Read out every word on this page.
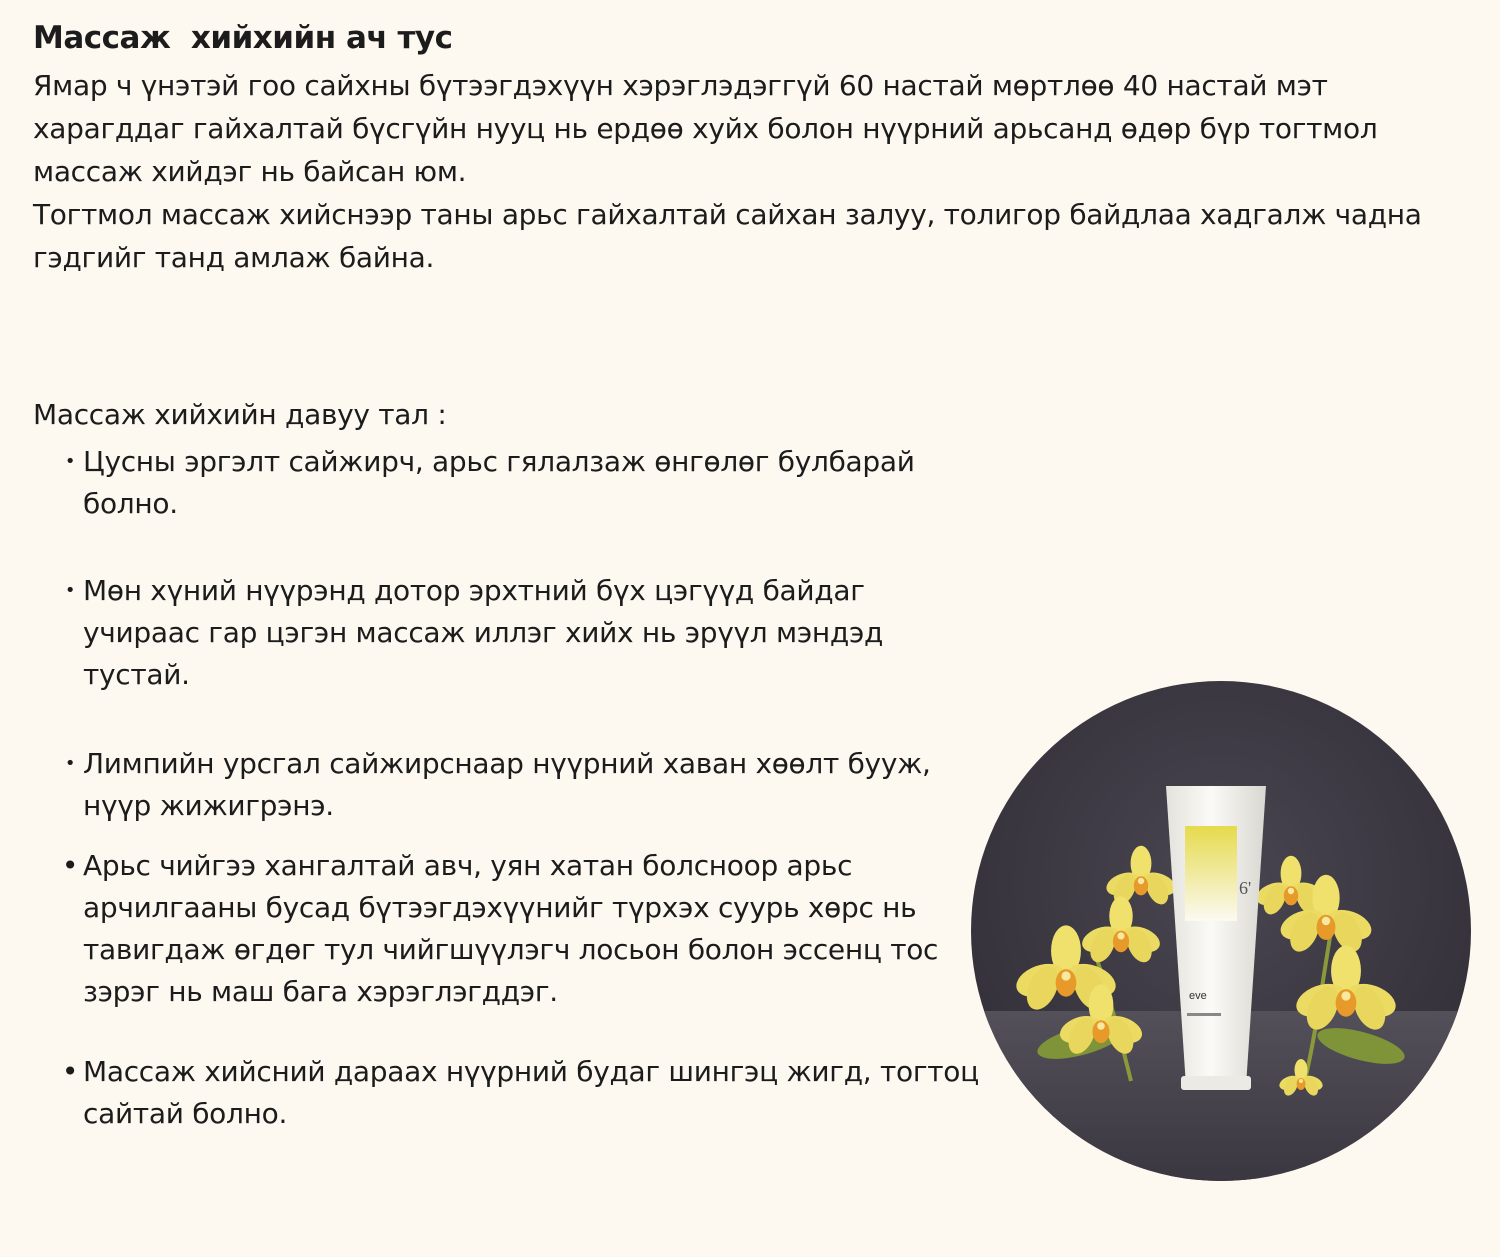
Массаж  хийхийн ач тус

Ямар ч үнэтэй гоо сайхны бүтээгдэхүүн хэрэглэдэггүй 60 настай мөртлөө 40 настай мэт харагддаг гайхалтай бүсгүйн нууц нь ердөө хуйх болон нүүрний арьсанд өдөр бүр тогтмол массаж хийдэг нь байсан юм.

Тогтмол массаж хийснээр таны арьс гайхалтай сайхан залуу, толигор байдлаа хадгалж чадна гэдгийг танд амлаж байна.

Массаж хийхийн давуу тал :
• Цусны эргэлт сайжирч, арьс гялалзаж өнгөлөг булбарай болно.
• Мөн хүний нүүрэнд дотор эрхтний бүх цэгүүд байдаг учираас гар цэгэн массаж иллэг хийх нь эрүүл мэндэд тустай.
• Лимпийн урсгал сайжирснаар нүүрний хаван хөөлт бууж, нүүр жижигрэнэ.
• Арьс чийгээ хангалтай авч, уян хатан болсноор арьс арчилгааны бусад бүтээгдэхүүнийг түрхэх суурь хөрс нь тавигдаж өгдөг тул чийгшүүлэгч лосьон болон эссенц тос зэрэг нь маш бага хэрэглэгддэг.
• Массаж хийсний дараах нүүрний будаг шингэц жигд, тогтоц сайтай болно.
6'
eve
